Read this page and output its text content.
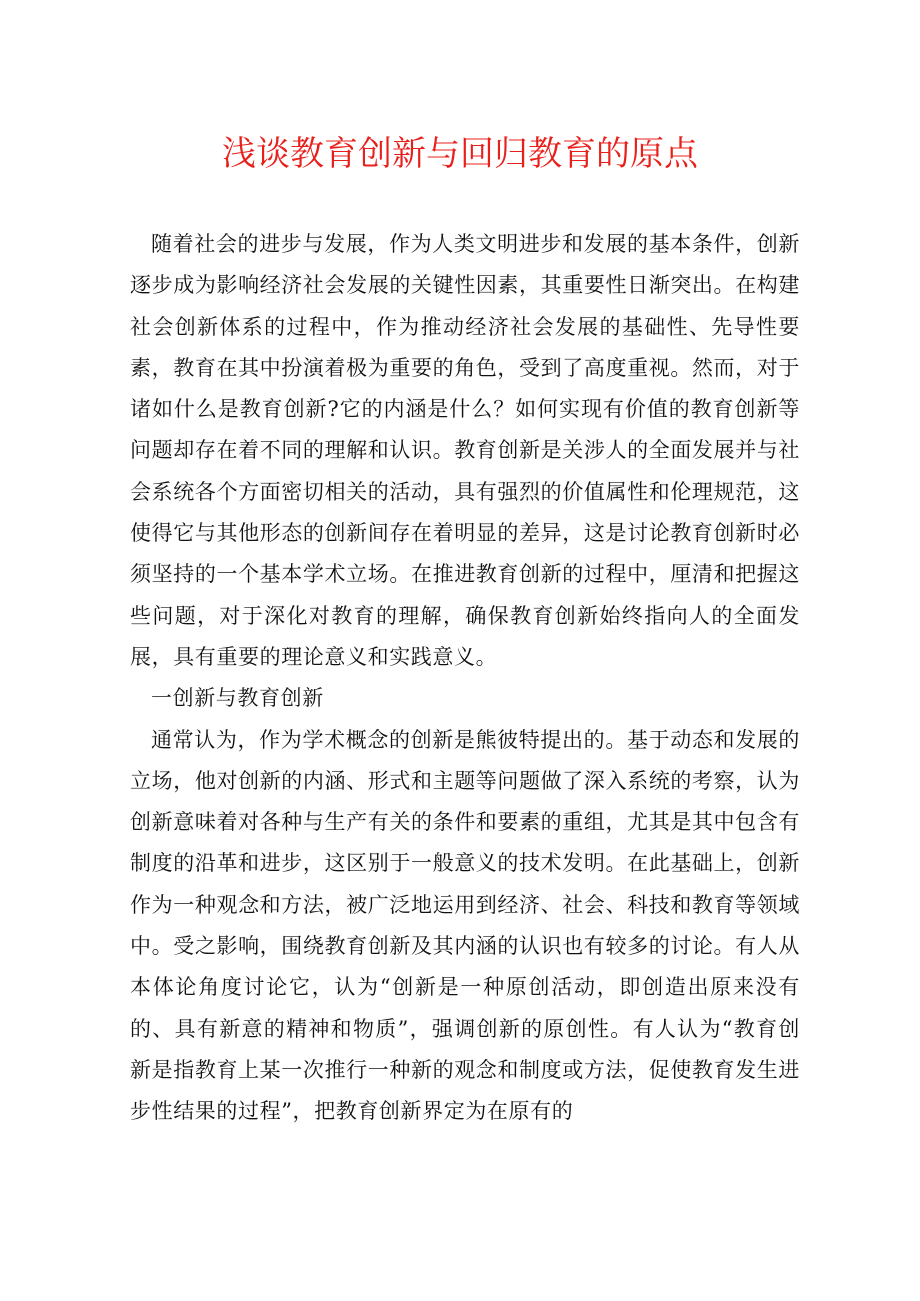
浅谈教育创新与回归教育的原点

随着社会的进步与发展，作为人类文明进步和发展的基本条件，创新逐步成为影响经济社会发展的关键性因素，其重要性日渐突出。在构建社会创新体系的过程中，作为推动经济社会发展的基础性、先导性要素，教育在其中扮演着极为重要的角色，受到了高度重视。然而，对于诸如什么是教育创新?它的内涵是什么？如何实现有价值的教育创新等问题却存在着不同的理解和认识。教育创新是关涉人的全面发展并与社会系统各个方面密切相关的活动，具有强烈的价值属性和伦理规范，这使得它与其他形态的创新间存在着明显的差异，这是讨论教育创新时必须坚持的一个基本学术立场。在推进教育创新的过程中，厘清和把握这些问题，对于深化对教育的理解，确保教育创新始终指向人的全面发展，具有重要的理论意义和实践意义。

一创新与教育创新

通常认为，作为学术概念的创新是熊彼特提出的。基于动态和发展的立场，他对创新的内涵、形式和主题等问题做了深入系统的考察，认为创新意味着对各种与生产有关的条件和要素的重组，尤其是其中包含有制度的沿革和进步，这区别于一般意义的技术发明。在此基础上，创新作为一种观念和方法，被广泛地运用到经济、社会、科技和教育等领域中。受之影响，围绕教育创新及其内涵的认识也有较多的讨论。有人从本体论角度讨论它，认为“创新是一种原创活动，即创造出原来没有的、具有新意的精神和物质”，强调创新的原创性。有人认为“教育创新是指教育上某一次推行一种新的观念和制度或方法，促使教育发生进步性结果的过程”，把教育创新界定为在原有的
